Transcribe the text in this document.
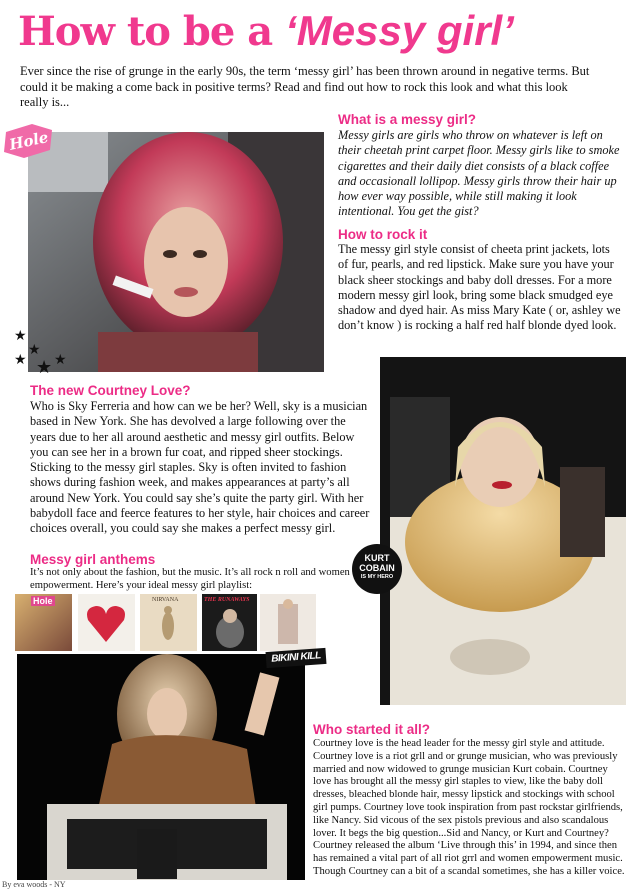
How to be a ‘Messy girl’
Ever since the rise of grunge in the early 90s, the term ‘messy girl’ has been thrown around in negative terms. But could it be making a come back in positive terms? Read and find out how to rock this look and what this look really is...
Hole
★
★
★ ★ ★
What is a messy girl?
Messy girls are girls who throw on whatever is left on their cheetah print carpet floor. Messy girls like to smoke cigarettes and their daily diet consists of a black coffee and occasionall lollipop. Messy girls throw their hair up how ever way possible, while still making it look intentional. You get the gist?
How to rock it
The messy girl style consist of cheeta print jackets, lots of fur, pearls, and red lipstick. Make sure you have your black sheer stockings and baby doll dresses. For a more modern messy girl look, bring some black smudged eye shadow and dyed hair. As miss Mary Kate ( or, ashley we don’t know ) is rocking a half red half blonde dyed look.
KURT
COBAIN
IS MY HERO
The new Courtney Love?
Who is Sky Ferreria and how can we be her? Well, sky is a musician based in New York. She has devolved a large following over the years due to her all around aesthetic and messy girl outfits. Below you can see her in a brown fur coat, and ripped sheer stockings. Sticking to the messy girl staples. Sky is often invited to fashion shows during fashion week, and makes appearances at party’s all around New York. You could say she’s quite the party girl. With her babydoll face and feerce features to her style, hair choices and career choices overall, you could say she makes a perfect messy girl.
Messy girl anthems
It’s not only about the fashion, but the music. It’s all rock n roll and women empowerment. Here’s your ideal messy girl playlist:
Hole	NIRVANA	THE RUNAWAYS
BIKINI KILL
Who started it all?
Courtney love is the head leader for the messy girl style and attitude. Courtney love is a riot grll and or grunge musician, who was previously married and now widowed to grunge musician Kurt cobain. Courtney love has brought all the messy girl staples to view, like the baby doll dresses, bleached blonde hair, messy lipstick and stockings with school girl pumps. Courtney love took inspiration from past rockstar girlfriends, like Nancy. Sid vicous of the sex pistols previous and also scandalous lover. It begs the big question...Sid and Nancy, or Kurt and Courtney? Courtney released the album ‘Live through this’ in 1994, and since then has remained a vital part of all riot grrl and women empowerment music. Though Courtney can a bit of a scandal sometimes, she has a killer voice.
By eva woods - NY
